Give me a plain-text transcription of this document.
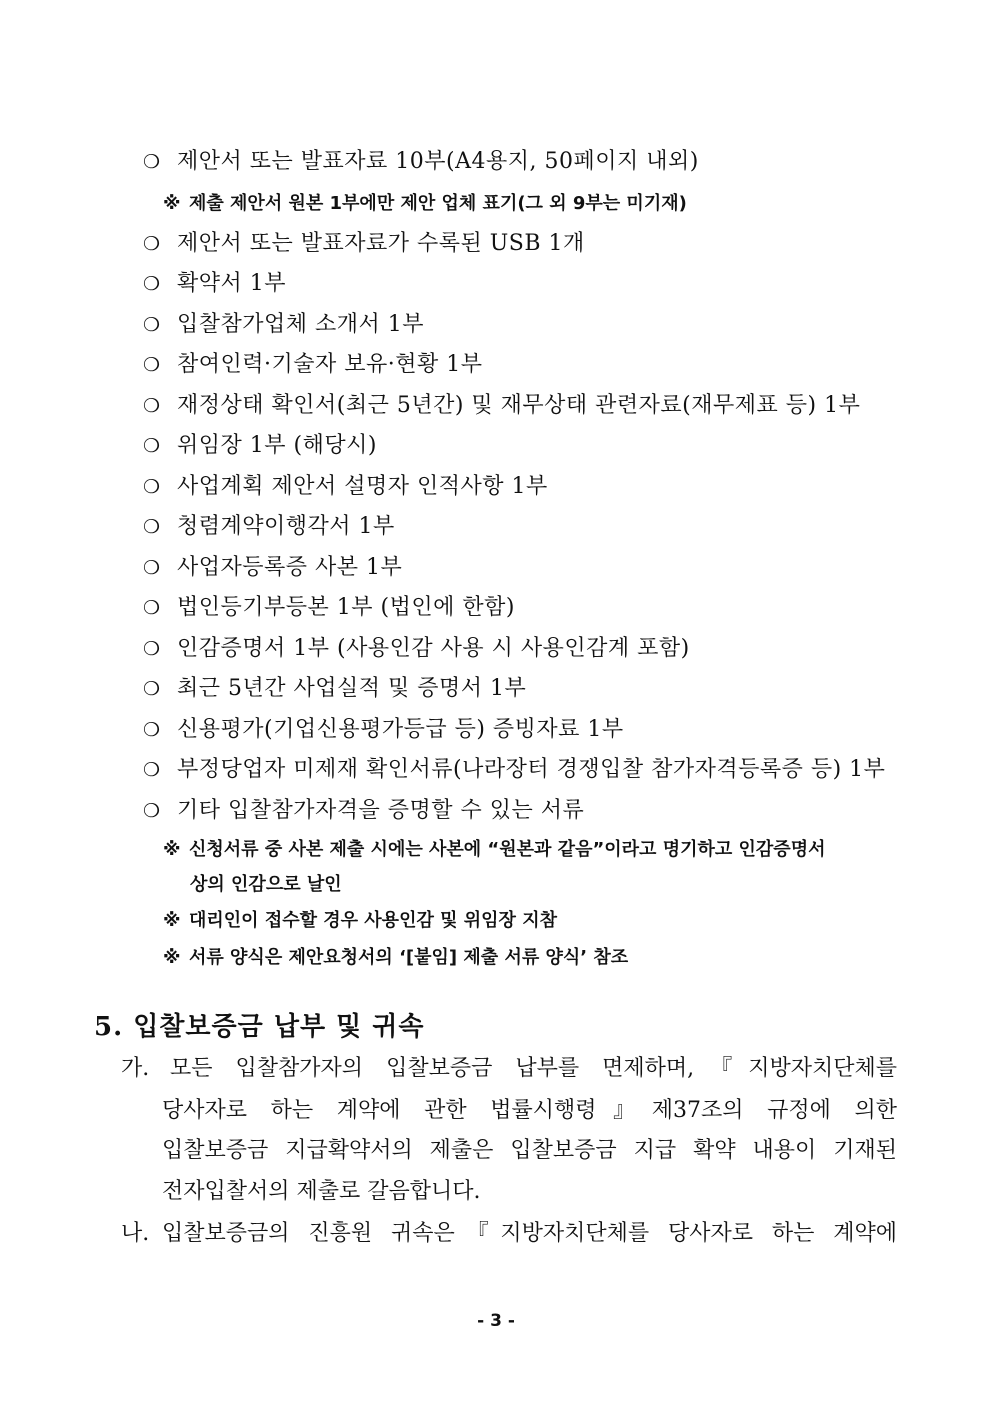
❍ 제안서 또는 발표자료 10부(A4용지, 50페이지 내외)
※ 제출 제안서 원본 1부에만 제안 업체 표기(그 외 9부는 미기재)
❍ 제안서 또는 발표자료가 수록된 USB 1개
❍ 확약서 1부
❍ 입찰참가업체 소개서 1부
❍ 참여인력·기술자 보유·현황 1부
❍ 재정상태 확인서(최근 5년간) 및 재무상태 관련자료(재무제표 등) 1부
❍ 위임장 1부 (해당시)
❍ 사업계획 제안서 설명자 인적사항 1부
❍ 청렴계약이행각서 1부
❍ 사업자등록증 사본 1부
❍ 법인등기부등본 1부 (법인에 한함)
❍ 인감증명서 1부 (사용인감 사용 시 사용인감계 포함)
❍ 최근 5년간 사업실적 및 증명서 1부
❍ 신용평가(기업신용평가등급 등) 증빙자료 1부
❍ 부정당업자 미제재 확인서류(나라장터 경쟁입찰 참가자격등록증 등) 1부
❍ 기타 입찰참가자격을 증명할 수 있는 서류
※ 신청서류 중 사본 제출 시에는 사본에 “원본과 같음”이라고 명기하고 인감증명서
상의 인감으로 날인
※ 대리인이 접수할 경우 사용인감 및 위임장 지참
※ 서류 양식은 제안요청서의 ‘[붙임] 제출 서류 양식’ 참조
5. 입찰보증금 납부 및 귀속
가. 모든 입찰참가자의 입찰보증금 납부를 면제하며,『지방자치단체를
당사자로 하는 계약에 관한 법률시행령』제37조의 규정에 의한
입찰보증금 지급확약서의 제출은 입찰보증금 지급 확약 내용이 기재된
전자입찰서의 제출로 갈음합니다.
나. 입찰보증금의 진흥원 귀속은『지방자치단체를 당사자로 하는 계약에
- 3 -
